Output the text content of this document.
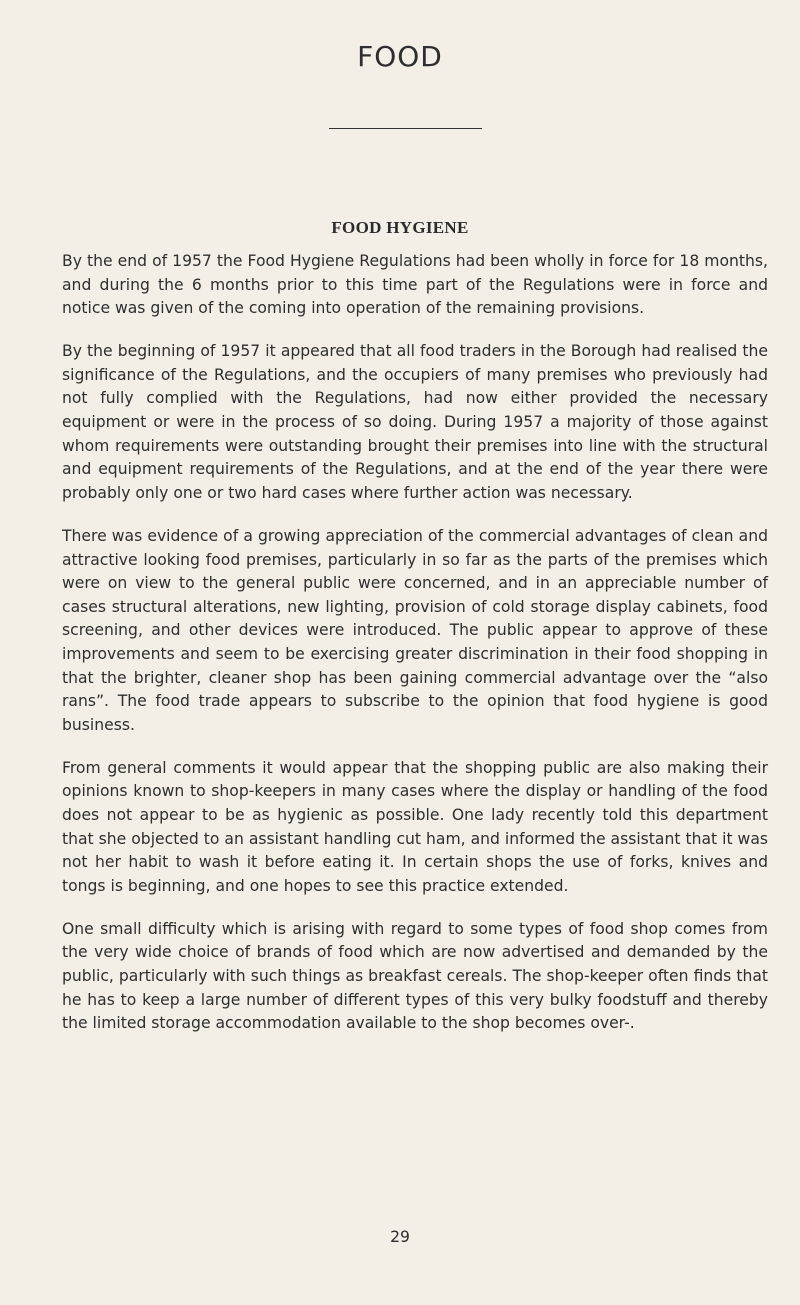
FOOD
FOOD HYGIENE

By the end of 1957 the Food Hygiene Regulations had been wholly in force for 18 months, and during the 6 months prior to this time part of the Regulations were in force and notice was given of the coming into operation of the remaining provisions.

By the beginning of 1957 it appeared that all food traders in the Borough had realised the significance of the Regulations, and the occupiers of many premises who previously had not fully complied with the Regulations, had now either provided the necessary equipment or were in the process of so doing. During 1957 a majority of those against whom requirements were outstanding brought their premises into line with the structural and equipment requirements of the Regulations, and at the end of the year there were probably only one or two hard cases where further action was necessary.

There was evidence of a growing appreciation of the commercial advantages of clean and attractive looking food premises, particularly in so far as the parts of the premises which were on view to the general public were concerned, and in an appreciable number of cases structural alterations, new lighting, provision of cold storage display cabinets, food screening, and other devices were introduced. The public appear to approve of these improvements and seem to be exercising greater discrimination in their food shopping in that the brighter, cleaner shop has been gaining commercial advantage over the “also rans”. The food trade appears to subscribe to the opinion that food hygiene is good business.

From general comments it would appear that the shopping public are also making their opinions known to shop-keepers in many cases where the display or handling of the food does not appear to be as hygienic as possible. One lady recently told this department that she objected to an assistant handling cut ham, and informed the assistant that it was not her habit to wash it before eating it. In certain shops the use of forks, knives and tongs is beginning, and one hopes to see this practice extended.

One small difficulty which is arising with regard to some types of food shop comes from the very wide choice of brands of food which are now advertised and demanded by the public, particularly with such things as breakfast cereals. The shop-keeper often finds that he has to keep a large number of different types of this very bulky foodstuff and thereby the limited storage accommodation available to the shop becomes over-.

29
